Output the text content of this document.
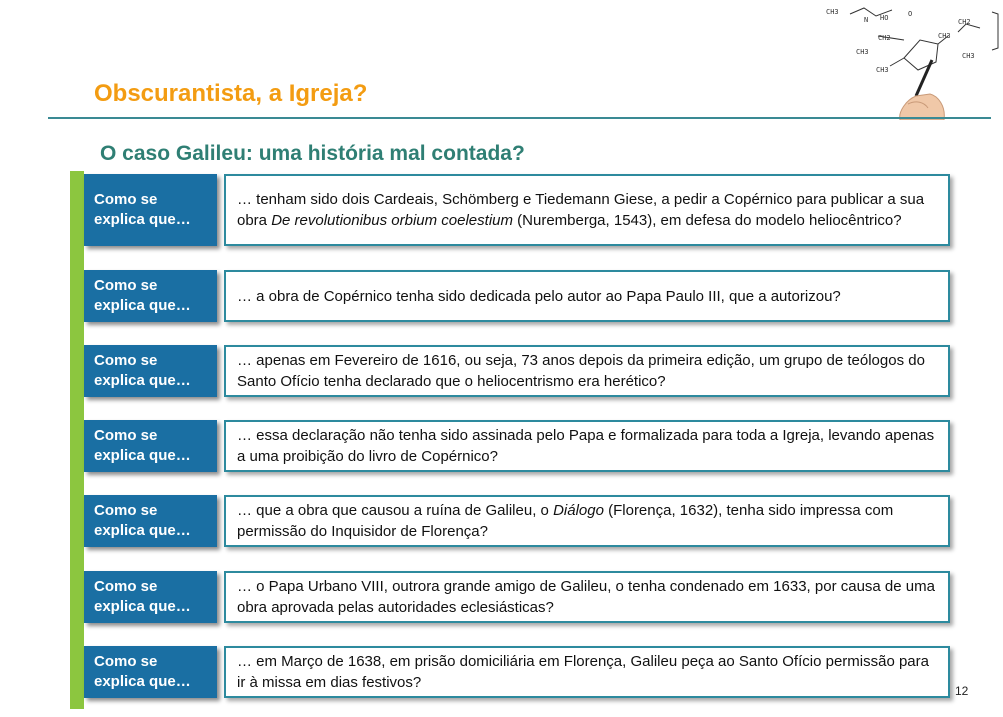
CH3
N HO	O
CH2
CH3
CH2
CH3	CH3
CH3
Obscurantista, a Igreja?
O caso Galileu: uma história mal contada?
Como se explica que…
… tenham sido dois Cardeais, Schömberg e Tiedemann Giese, a pedir a Copérnico para publicar a sua obra De revolutionibus orbium coelestium (Nuremberga, 1543), em defesa do modelo heliocêntrico?
Como se explica que…
… a obra de Copérnico tenha sido dedicada pelo autor ao Papa Paulo III, que a autorizou?
Como se explica que…
… apenas em Fevereiro de 1616, ou seja, 73 anos depois da primeira edição, um grupo de teólogos do Santo Ofício tenha declarado que o heliocentrismo era herético?
Como se explica que…
… essa declaração não tenha sido assinada pelo Papa e formalizada para toda a Igreja, levando apenas a uma proibição do livro de Copérnico?
Como se explica que…
… que a obra que causou a ruína de Galileu, o Diálogo (Florença, 1632), tenha sido impressa com permissão do Inquisidor de Florença?
Como se explica que…
… o Papa Urbano VIII, outrora grande amigo de Galileu, o tenha condenado em 1633, por causa de uma obra aprovada pelas autoridades eclesiásticas?
Como se explica que…
… em Março de 1638, em prisão domiciliária em Florença, Galileu peça ao Santo Ofício permissão para ir à missa em dias festivos?	12
